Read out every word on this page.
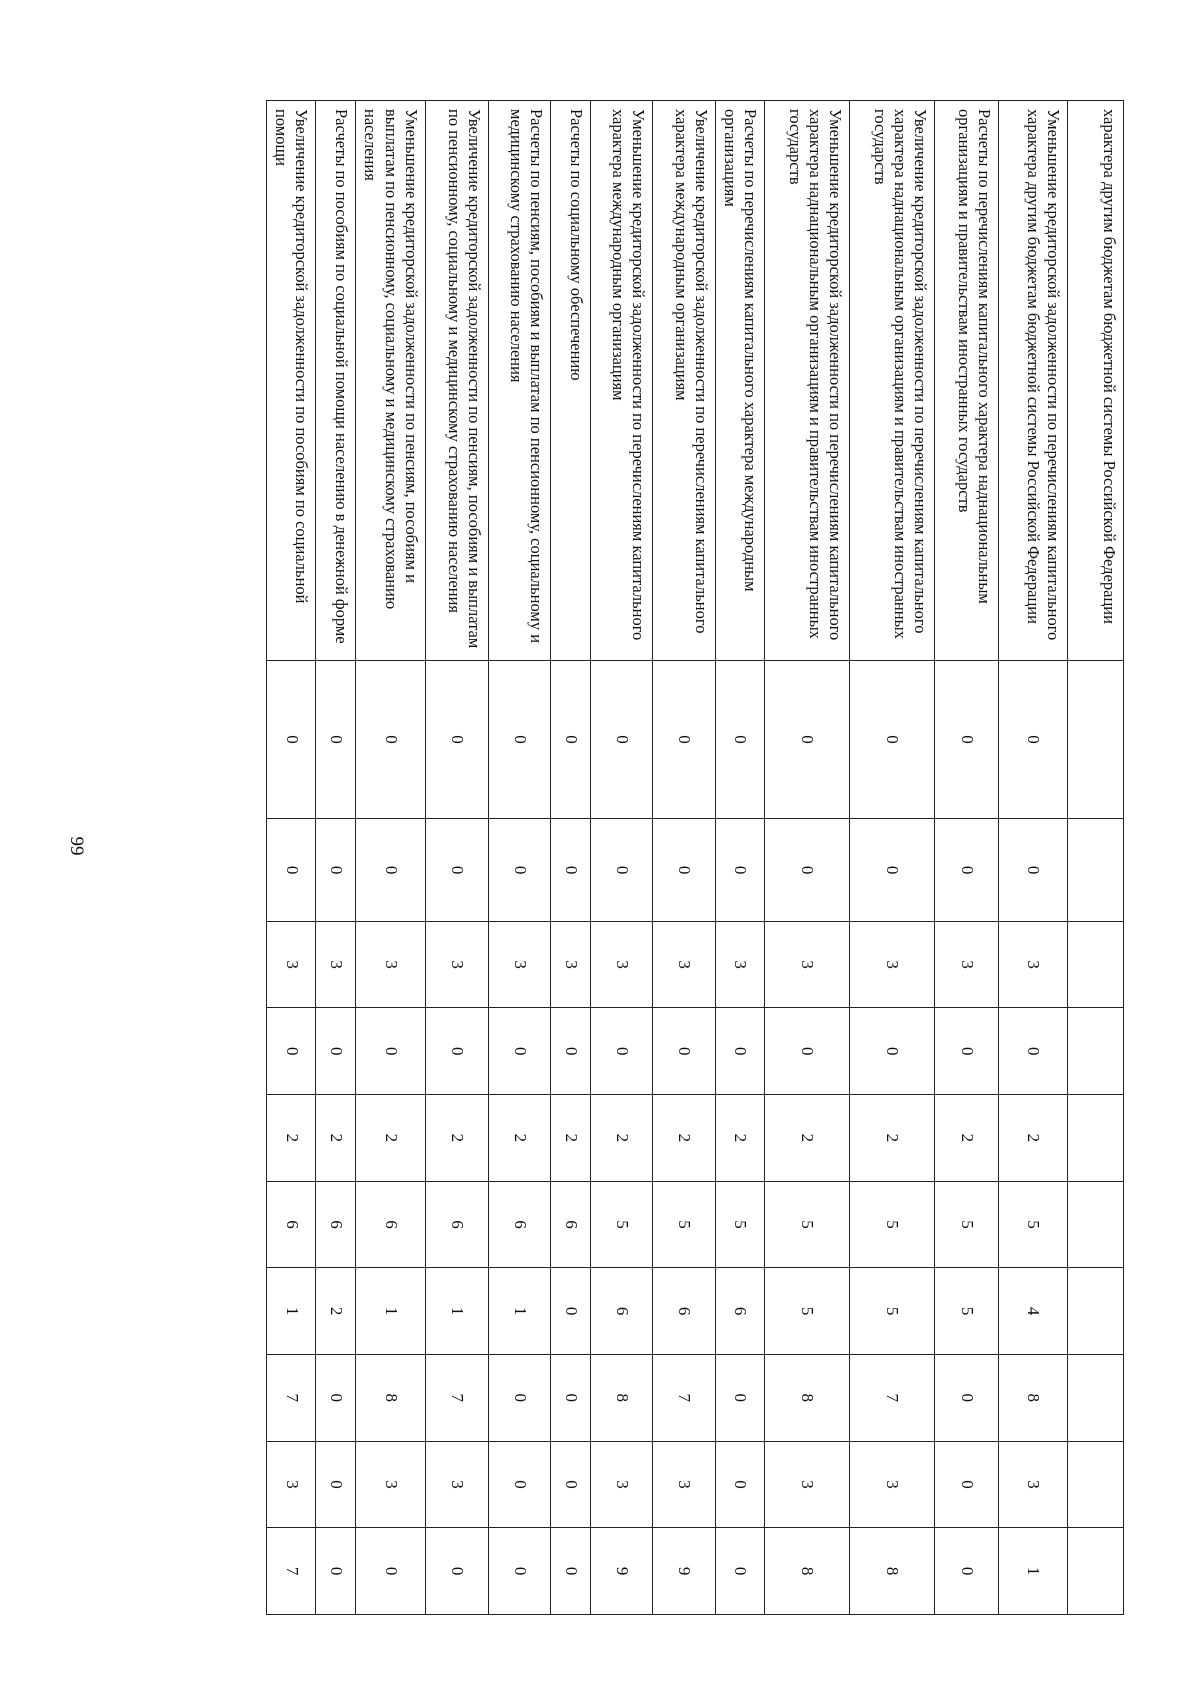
99
характера другим бюджетам бюджетной системы Российской Федерации										
Уменьшение кредиторской задолженности по перечислениям капитального характера другим бюджетам бюджетной системы Российской Федерации	0	0	3	0	2	5	4	8	3	1
Расчеты по перечислениям капитального характера наднациональным организациям и правительствам иностранных государств	0	0	3	0	2	5	5	0	0	0
Увеличение кредиторской задолженности по перечислениям капитального характера наднациональным организациям и правительствам иностранных государств	0	0	3	0	2	5	5	7	3	8
Уменьшение кредиторской задолженности по перечислениям капитального характера наднациональным организациям и правительствам иностранных государств	0	0	3	0	2	5	5	8	3	8
Расчеты по перечислениям капитального характера международным организациям	0	0	3	0	2	5	6	0	0	0
Увеличение кредиторской задолженности по перечислениям капитального характера международным организациям	0	0	3	0	2	5	6	7	3	9
Уменьшение кредиторской задолженности по перечислениям капитального характера международным организациям	0	0	3	0	2	5	6	8	3	9
Расчеты по социальному обеспечению	0	0	3	0	2	6	0	0	0	0
Расчеты по пенсиям, пособиям и выплатам по пенсионному, социальному и медицинскому страхованию населения	0	0	3	0	2	6	1	0	0	0
Увеличение кредиторской задолженности по пенсиям, пособиям и выплатам по пенсионному, социальному и медицинскому страхованию населения	0	0	3	0	2	6	1	7	3	0
Уменьшение кредиторской задолженности по пенсиям, пособиям и выплатам по пенсионному, социальному и медицинскому страхованию населения	0	0	3	0	2	6	1	8	3	0
Расчеты по пособиям по социальной помощи населению в денежной форме	0	0	3	0	2	6	2	0	0	0
Увеличение кредиторской задолженности по пособиям по социальной помощи	0	0	3	0	2	6	1	7	3	7
